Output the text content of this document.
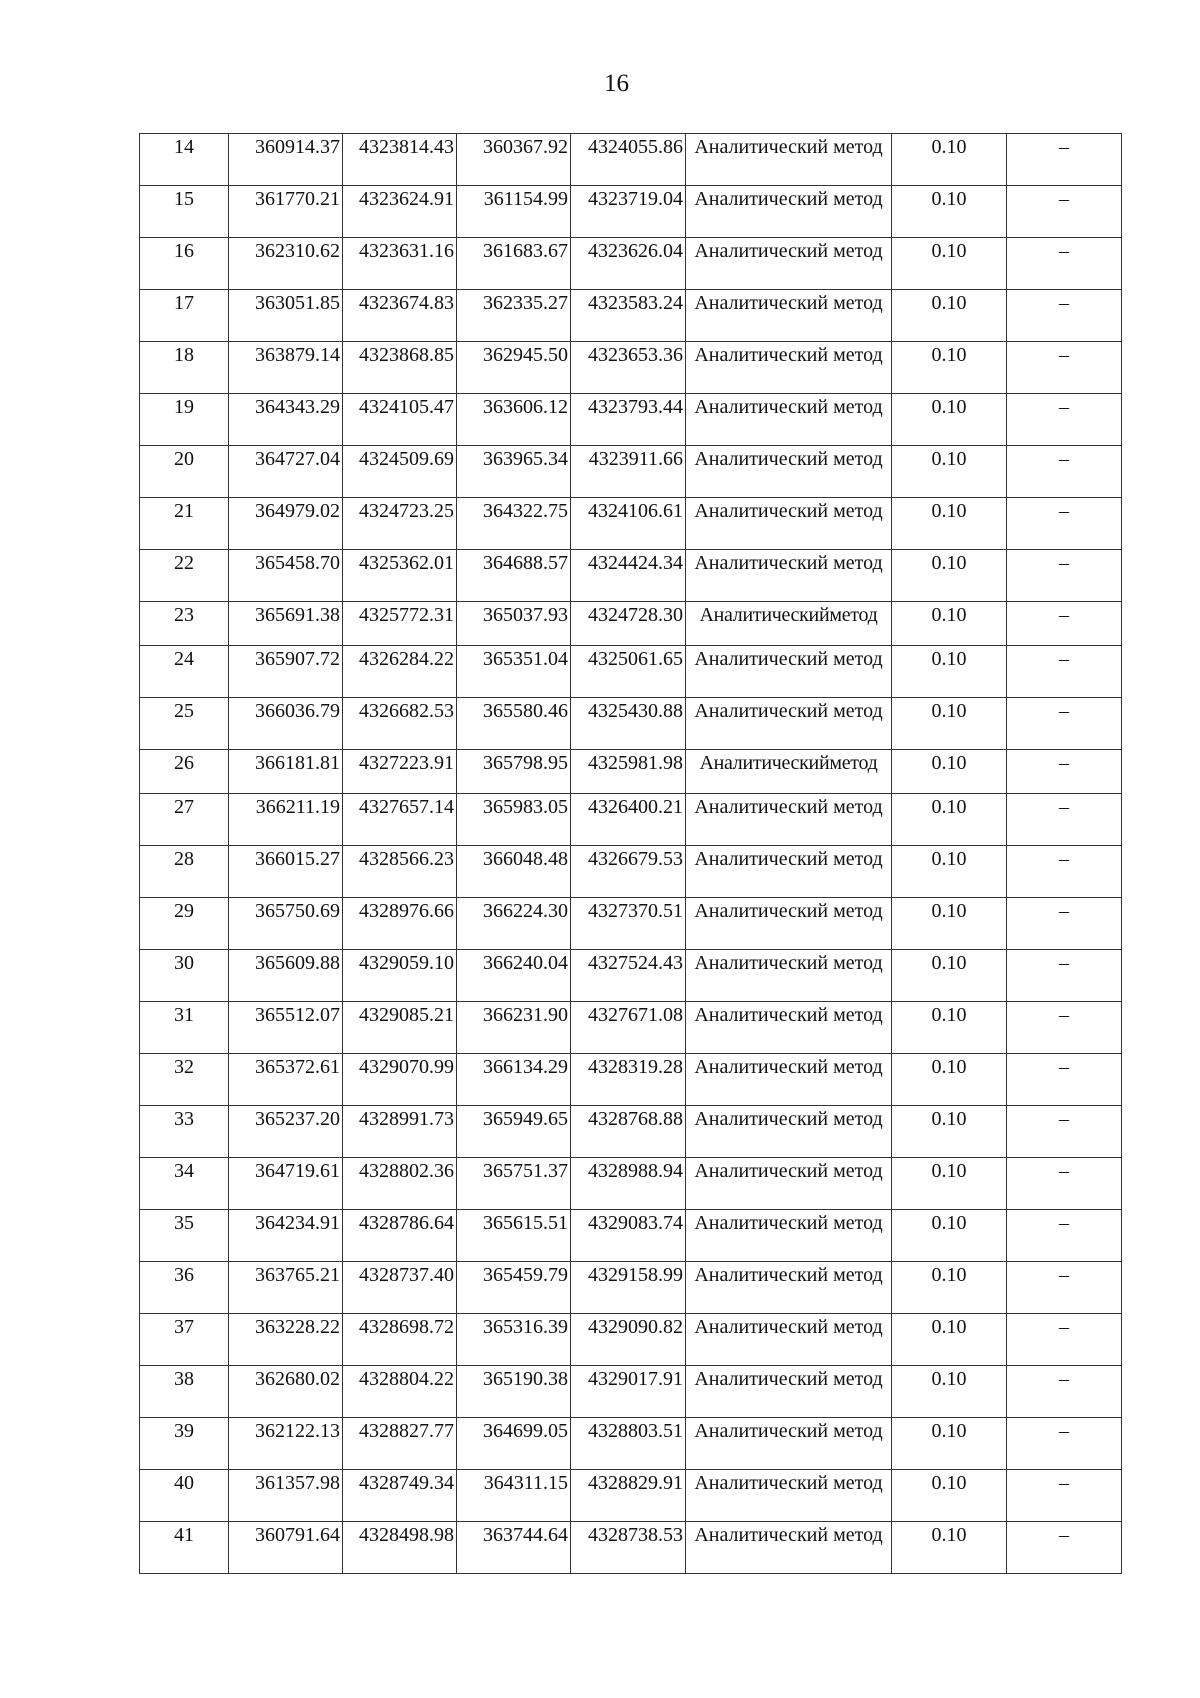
16
14	360914.37	4323814.43	360367.92	4324055.86	Аналитический метод	0.10	–
15	361770.21	4323624.91	361154.99	4323719.04	Аналитический метод	0.10	–
16	362310.62	4323631.16	361683.67	4323626.04	Аналитический метод	0.10	–
17	363051.85	4323674.83	362335.27	4323583.24	Аналитический метод	0.10	–
18	363879.14	4323868.85	362945.50	4323653.36	Аналитический метод	0.10	–
19	364343.29	4324105.47	363606.12	4323793.44	Аналитический метод	0.10	–
20	364727.04	4324509.69	363965.34	4323911.66	Аналитический метод	0.10	–
21	364979.02	4324723.25	364322.75	4324106.61	Аналитический метод	0.10	–
22	365458.70	4325362.01	364688.57	4324424.34	Аналитический метод	0.10	–
23	365691.38	4325772.31	365037.93	4324728.30	Аналитическийметод	0.10	–
24	365907.72	4326284.22	365351.04	4325061.65	Аналитический метод	0.10	–
25	366036.79	4326682.53	365580.46	4325430.88	Аналитический метод	0.10	–
26	366181.81	4327223.91	365798.95	4325981.98	Аналитическийметод	0.10	–
27	366211.19	4327657.14	365983.05	4326400.21	Аналитический метод	0.10	–
28	366015.27	4328566.23	366048.48	4326679.53	Аналитический метод	0.10	–
29	365750.69	4328976.66	366224.30	4327370.51	Аналитический метод	0.10	–
30	365609.88	4329059.10	366240.04	4327524.43	Аналитический метод	0.10	–
31	365512.07	4329085.21	366231.90	4327671.08	Аналитический метод	0.10	–
32	365372.61	4329070.99	366134.29	4328319.28	Аналитический метод	0.10	–
33	365237.20	4328991.73	365949.65	4328768.88	Аналитический метод	0.10	–
34	364719.61	4328802.36	365751.37	4328988.94	Аналитический метод	0.10	–
35	364234.91	4328786.64	365615.51	4329083.74	Аналитический метод	0.10	–
36	363765.21	4328737.40	365459.79	4329158.99	Аналитический метод	0.10	–
37	363228.22	4328698.72	365316.39	4329090.82	Аналитический метод	0.10	–
38	362680.02	4328804.22	365190.38	4329017.91	Аналитический метод	0.10	–
39	362122.13	4328827.77	364699.05	4328803.51	Аналитический метод	0.10	–
40	361357.98	4328749.34	364311.15	4328829.91	Аналитический метод	0.10	–
41	360791.64	4328498.98	363744.64	4328738.53	Аналитический метод	0.10	–
